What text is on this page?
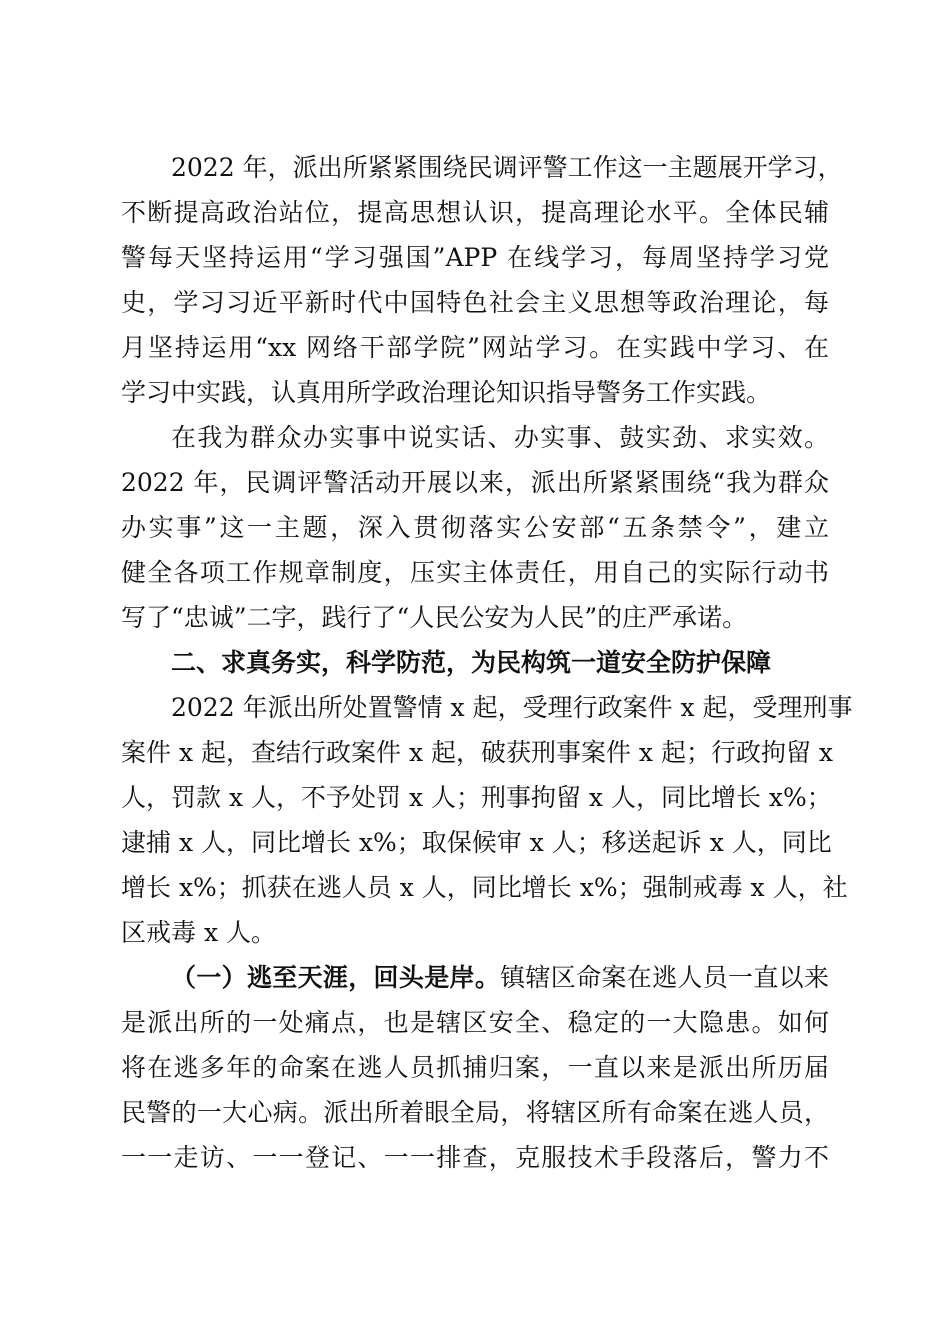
2022 年，派出所紧紧围绕民调评警工作这一主题展开学习，
不断提高政治站位，提高思想认识，提高理论水平。全体民辅
警每天坚持运用“学习强国”APP 在线学习，每周坚持学习党
史，学习习近平新时代中国特色社会主义思想等政治理论，每
月坚持运用“xx 网络干部学院”网站学习。在实践中学习、在
学习中实践，认真用所学政治理论知识指导警务工作实践。
在我为群众办实事中说实话、办实事、鼓实劲、求实效。
2022 年，民调评警活动开展以来，派出所紧紧围绕“我为群众
办实事”这一主题，深入贯彻落实公安部“五条禁令”，建立
健全各项工作规章制度，压实主体责任，用自己的实际行动书
写了“忠诚”二字，践行了“人民公安为人民”的庄严承诺。
二、求真务实，科学防范，为民构筑一道安全防护保障
2022 年派出所处置警情 x 起，受理行政案件 x 起，受理刑事
案件 x 起，查结行政案件 x 起，破获刑事案件 x 起；行政拘留 x
人，罚款 x 人，不予处罚 x 人；刑事拘留 x 人，同比增长 x%；
逮捕 x 人，同比增长 x%；取保候审 x 人；移送起诉 x 人，同比
增长 x%；抓获在逃人员 x 人，同比增长 x%；强制戒毒 x 人，社
区戒毒 x 人。
（一）逃至天涯，回头是岸。镇辖区命案在逃人员一直以来
是派出所的一处痛点，也是辖区安全、稳定的一大隐患。如何
将在逃多年的命案在逃人员抓捕归案，一直以来是派出所历届
民警的一大心病。派出所着眼全局，将辖区所有命案在逃人员，
一一走访、一一登记、一一排查，克服技术手段落后，警力不
